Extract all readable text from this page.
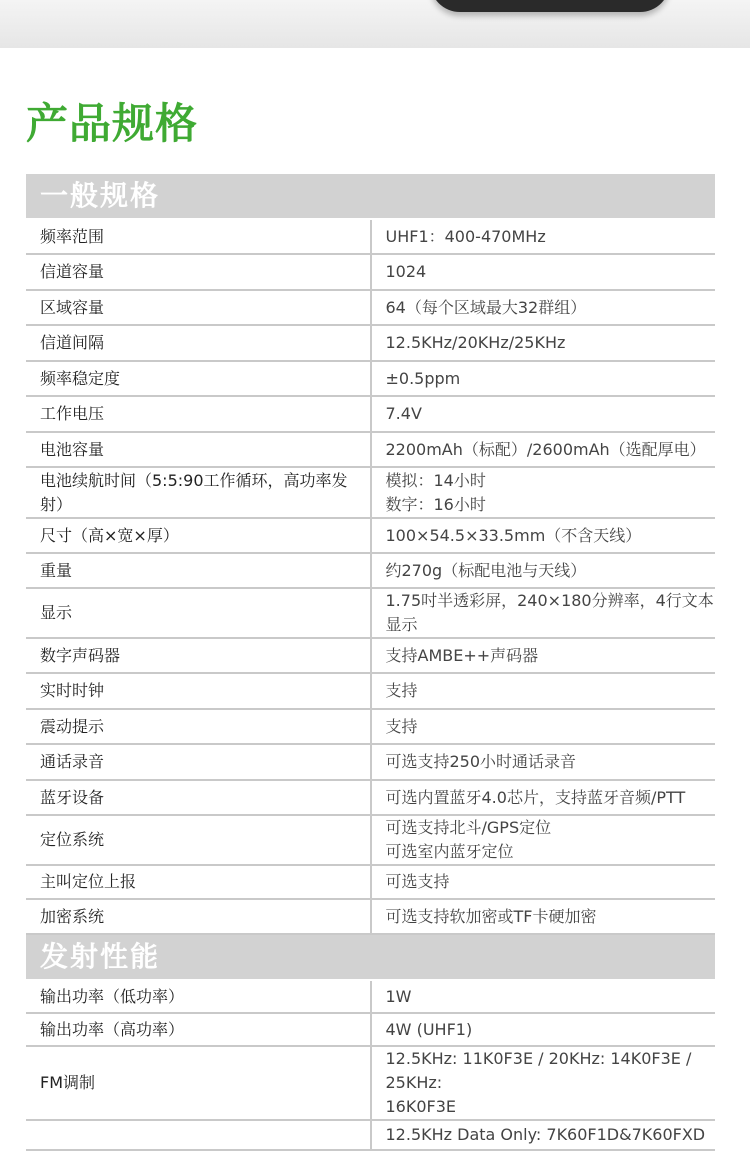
产品规格
一般规格	
频率范围	UHF1：400-470MHz

信道容量	1024

区域容量	64（每个区域最大32群组）

信道间隔	12.5KHz/20KHz/25KHz

频率稳定度	±0.5ppm

工作电压	7.4V

电池容量	2200mAh（标配）/2600mAh（选配厚电）

电池续航时间（5:5:90工作循环，高功率发射）	模拟：14小时
数字：16小时

尺寸（高×宽×厚）	100×54.5×33.5mm（不含天线）

重量	约270g（标配电池与天线）

显示	1.75吋半透彩屏，240×180分辨率，4行文本显示

数字声码器	支持AMBE++声码器

实时时钟	支持

震动提示	支持

通话录音	可选支持250小时通话录音

蓝牙设备	可选内置蓝牙4.0芯片，支持蓝牙音频/PTT

定位系统	可选支持北斗/GPS定位
可选室内蓝牙定位

主叫定位上报	可选支持

加密系统	可选支持软加密或TF卡硬加密

发射性能	
输出功率（低功率）	1W

输出功率（高功率）	4W (UHF1)

FM调制	12.5KHz: 11K0F3E / 20KHz: 14K0F3E / 25KHz:
16K0F3E

	12.5KHz Data Only: 7K60F1D&7K60FXD
